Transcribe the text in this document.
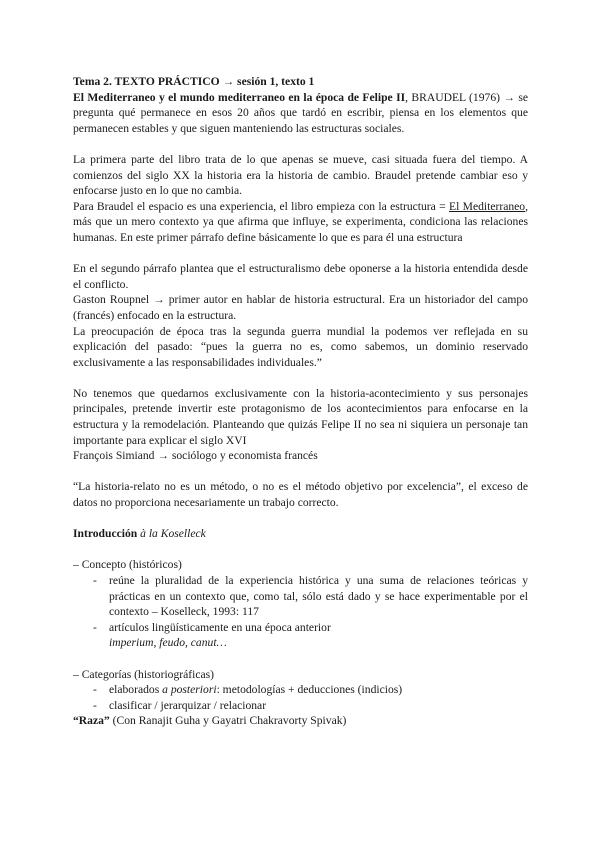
Tema 2. TEXTO PRÁCTICO → sesión 1, texto 1

El Mediterraneo y el mundo mediterraneo en la época de Felipe II, BRAUDEL (1976) → se pregunta qué permanece en esos 20 años que tardó en escribir, piensa en los elementos que permanecen estables y que siguen manteniendo las estructuras sociales.

La primera parte del libro trata de lo que apenas se mueve, casi situada fuera del tiempo. A comienzos del siglo XX la historia era la historia de cambio. Braudel pretende cambiar eso y enfocarse justo en lo que no cambia.

Para Braudel el espacio es una experiencia, el libro empieza con la estructura = El Mediterraneo, más que un mero contexto ya que afirma que influye, se experimenta, condiciona las relaciones humanas. En este primer párrafo define básicamente lo que es para él una estructura

En el segundo párrafo plantea que el estructuralismo debe oponerse a la historia entendida desde el conflicto.

Gaston Roupnel → primer autor en hablar de historia estructural. Era un historiador del campo (francés) enfocado en la estructura.

La preocupación de época tras la segunda guerra mundial la podemos ver reflejada en su explicación del pasado: “pues la guerra no es, como sabemos, un dominio reservado exclusivamente a las responsabilidades individuales.”

No tenemos que quedarnos exclusivamente con la historia-acontecimiento y sus personajes principales, pretende invertir este protagonismo de los acontecimientos para enfocarse en la estructura y la remodelación. Planteando que quizás Felipe II no sea ni siquiera un personaje tan importante para explicar el siglo XVI

François Simiand → sociólogo y economista francés

“La historia-relato no es un método, o no es el método objetivo por excelencia”, el exceso de datos no proporciona necesariamente un trabajo correcto.

Introducción à la Koselleck

– Concepto (históricos)

- reúne la pluralidad de la experiencia histórica y una suma de relaciones teóricas y prácticas en un contexto que, como tal, sólo está dado y se hace experimentable por el contexto – Koselleck, 1993: 117
- artículos lingüísticamente en una época anterior

imperium, feudo, canut…

– Categorías (historiográficas)

- elaborados a posteriori: metodologías + deducciones (indicios)
- clasificar / jerarquizar / relacionar

“Raza” (Con Ranajit Guha y Gayatri Chakravorty Spivak)
